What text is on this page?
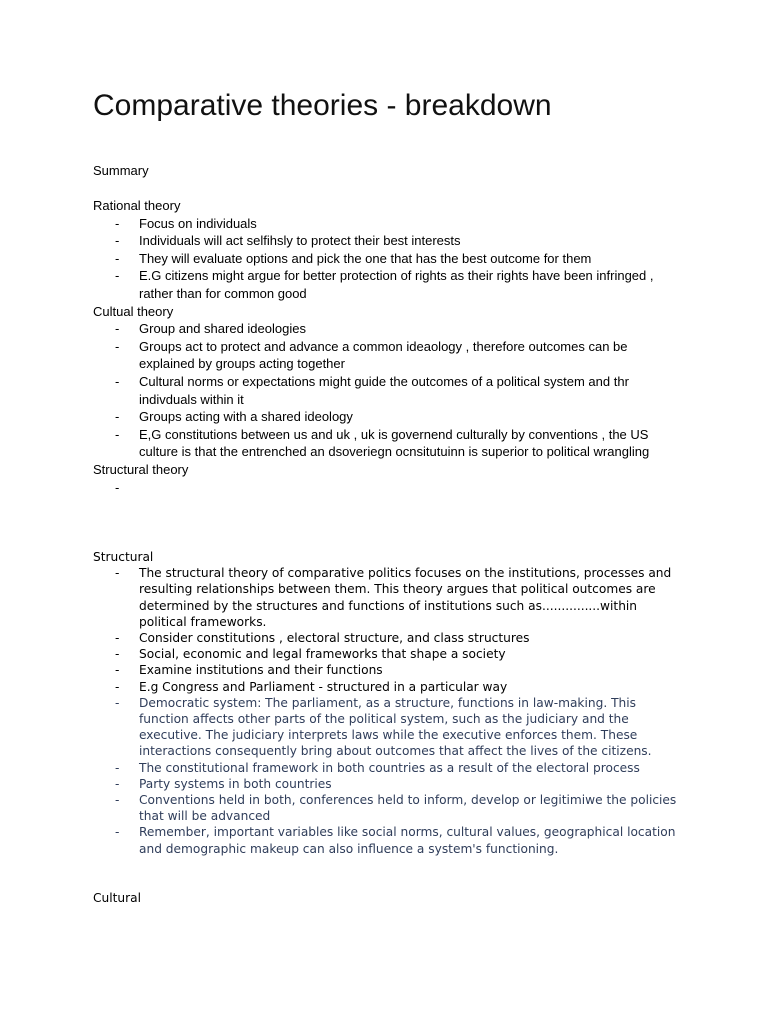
Comparative theories - breakdown

Summary

Rational theory

- Focus on individuals
- Individuals will act selfihsly to protect their best interests
- They will evaluate options and pick the one that has the best outcome for them
- E.G citizens might argue for better protection of rights as their rights have been infringed , rather than for common good

Cultual theory

- Group and shared ideologies
- Groups act to protect and advance a common ideaology , therefore outcomes can be explained by groups acting together
- Cultural norms or expectations might guide the outcomes of a political system and thr indivduals within it
- Groups acting with a shared ideology
- E,G constitutions between us and uk , uk is governend culturally by conventions , the US culture is that the entrenched an dsoveriegn ocnsitutuinn is superior to political wrangling

Structural theory

-

Structural

- The structural theory of comparative politics focuses on the institutions, processes and resulting relationships between them. This theory argues that political outcomes are determined by the structures and functions of institutions such as...............within political frameworks.
- Consider constitutions , electoral structure, and class structures
- Social, economic and legal frameworks that shape a society
- Examine institutions and their functions
- E.g Congress and Parliament - structured in a particular way
- Democratic system: The parliament, as a structure, functions in law-making. This function affects other parts of the political system, such as the judiciary and the executive. The judiciary interprets laws while the executive enforces them. These interactions consequently bring about outcomes that affect the lives of the citizens.
- The constitutional framework in both countries as a result of the electoral process
- Party systems in both countries
- Conventions held in both, conferences held to inform, develop or legitimiwe the policies that will be advanced
- Remember, important variables like social norms, cultural values, geographical location and demographic makeup can also influence a system's functioning.

Cultural
